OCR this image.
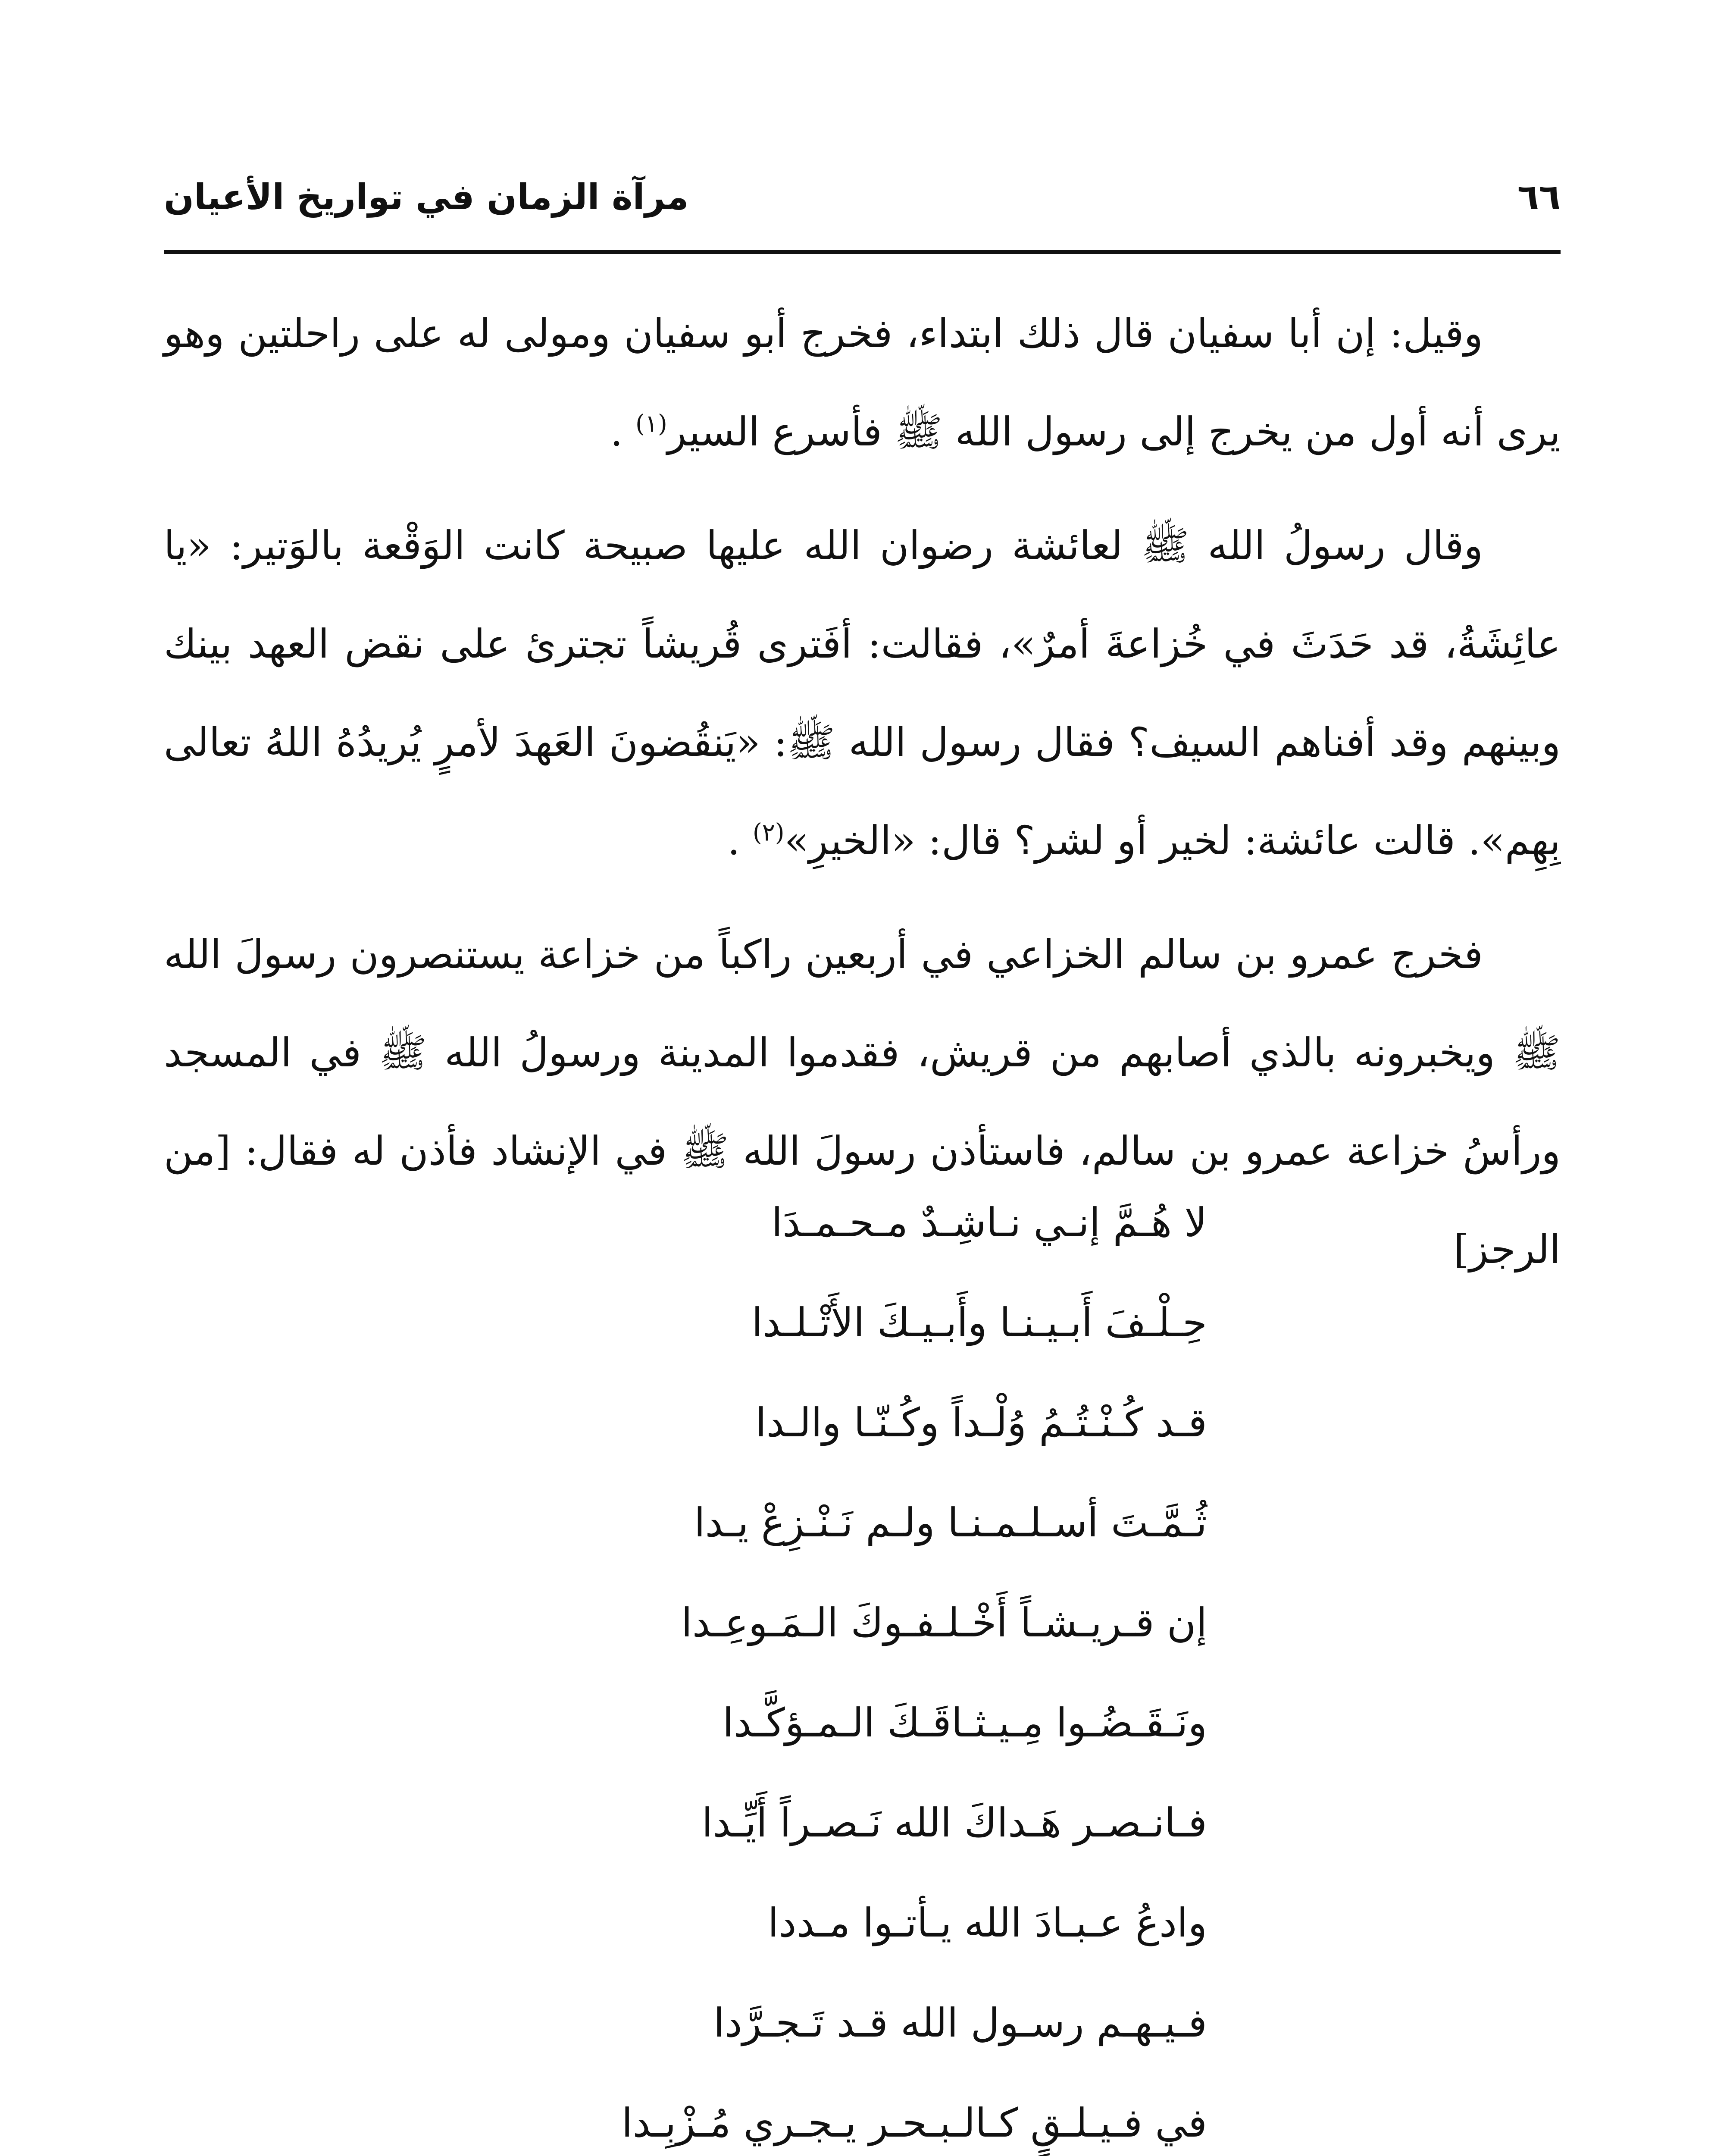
٦٦
مرآة الزمان في تواريخ الأعيان

وقيل: إن أبا سفيان قال ذلك ابتداء، فخرج أبو سفيان ومولى له على راحلتين وهو يرى أنه أول من يخرج إلى رسول الله ﷺ فأسرع السير$^{(١)}$ .

وقال رسولُ الله ﷺ لعائشة رضوان الله عليها صبيحة كانت الوَقْعة بالوَتير: «يا عائِشَةُ، قد حَدَثَ في خُزاعةَ أمرٌ»، فقالت: أفَترى قُريشاً تجترئ على نقض العهد بينك وبينهم وقد أفناهم السيف؟ فقال رسول الله ﷺ: «يَنقُضونَ العَهدَ لأمرٍ يُريدُهُ اللهُ تعالى بِهِم». قالت عائشة: لخير أو لشر؟ قال: «الخيرِ»$^{(٢)}$ .

فخرج عمرو بن سالم الخزاعي في أربعين راكباً من خزاعة يستنصرون رسولَ الله ﷺ ويخبرونه بالذي أصابهم من قريش، فقدموا المدينة ورسولُ الله ﷺ في المسجد ورأسُ خزاعة عمرو بن سالم، فاستأذن رسولَ الله ﷺ في الإنشاد فأذن له فقال: [من الرجز]

لا هُـمَّ إنـي نـاشِـدٌ مـحـمـدَا
حِـلْـفَ أَبـيـنـا وأَبـيـكَ الأَتْـلـدا
قـد كُـنْـتُـمُ وُلْـداً وكُـنّـا والـدا
ثُـمَّـتَ أسـلـمـنـا ولـم نَـنْـزِعْ يـدا
إن قـريـشـاً أَخْـلـفـوكَ الـمَـوعِـدا
ونَـقَـضُـوا مِـيـثـاقَـكَ الـمـؤكَّـدا
فـانـصـر هَـداكَ الله نَـصـراً أَيِّـدا
وادعُ عـبـادَ الله يـأتـوا مـددا
فـيـهـم رسـول الله قـد تَـجـرَّدا
في فـيـلـقٍ كـالـبـحـر يـجـري مُـزْبِـدا
